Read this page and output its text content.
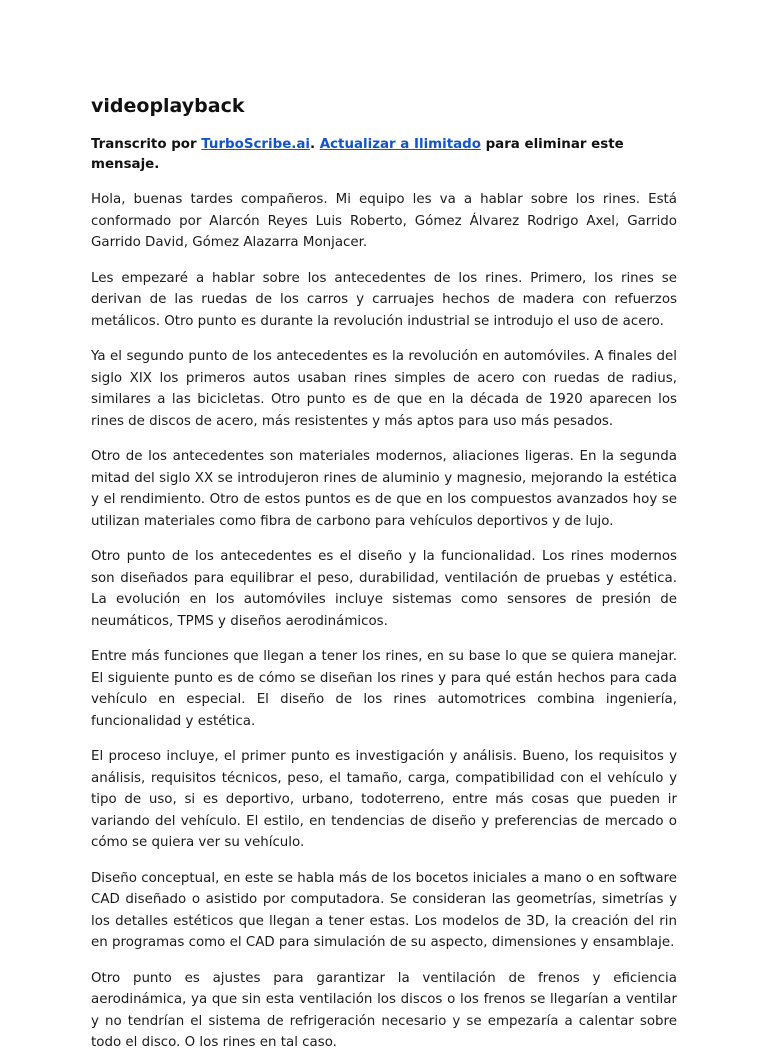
videoplayback

Transcrito por TurboScribe.ai. Actualizar a Ilimitado para eliminar este mensaje.

Hola, buenas tardes compañeros. Mi equipo les va a hablar sobre los rines. Está conformado por Alarcón Reyes Luis Roberto, Gómez Álvarez Rodrigo Axel, Garrido Garrido David, Gómez Alazarra Monjacer.

Les empezaré a hablar sobre los antecedentes de los rines. Primero, los rines se derivan de las ruedas de los carros y carruajes hechos de madera con refuerzos metálicos. Otro punto es durante la revolución industrial se introdujo el uso de acero.

Ya el segundo punto de los antecedentes es la revolución en automóviles. A finales del siglo XIX los primeros autos usaban rines simples de acero con ruedas de radius, similares a las bicicletas. Otro punto es de que en la década de 1920 aparecen los rines de discos de acero, más resistentes y más aptos para uso más pesados.

Otro de los antecedentes son materiales modernos, aliaciones ligeras. En la segunda mitad del siglo XX se introdujeron rines de aluminio y magnesio, mejorando la estética y el rendimiento. Otro de estos puntos es de que en los compuestos avanzados hoy se utilizan materiales como fibra de carbono para vehículos deportivos y de lujo.

Otro punto de los antecedentes es el diseño y la funcionalidad. Los rines modernos son diseñados para equilibrar el peso, durabilidad, ventilación de pruebas y estética. La evolución en los automóviles incluye sistemas como sensores de presión de neumáticos, TPMS y diseños aerodinámicos.

Entre más funciones que llegan a tener los rines, en su base lo que se quiera manejar. El siguiente punto es de cómo se diseñan los rines y para qué están hechos para cada vehículo en especial. El diseño de los rines automotrices combina ingeniería, funcionalidad y estética.

El proceso incluye, el primer punto es investigación y análisis. Bueno, los requisitos y análisis, requisitos técnicos, peso, el tamaño, carga, compatibilidad con el vehículo y tipo de uso, si es deportivo, urbano, todoterreno, entre más cosas que pueden ir variando del vehículo. El estilo, en tendencias de diseño y preferencias de mercado o cómo se quiera ver su vehículo.

Diseño conceptual, en este se habla más de los bocetos iniciales a mano o en software CAD diseñado o asistido por computadora. Se consideran las geometrías, simetrías y los detalles estéticos que llegan a tener estas. Los modelos de 3D, la creación del rin en programas como el CAD para simulación de su aspecto, dimensiones y ensamblaje.

Otro punto es ajustes para garantizar la ventilación de frenos y eficiencia aerodinámica, ya que sin esta ventilación los discos o los frenos se llegarían a ventilar y no tendrían el sistema de refrigeración necesario y se empezaría a calentar sobre todo el disco. O los rines en tal caso.
